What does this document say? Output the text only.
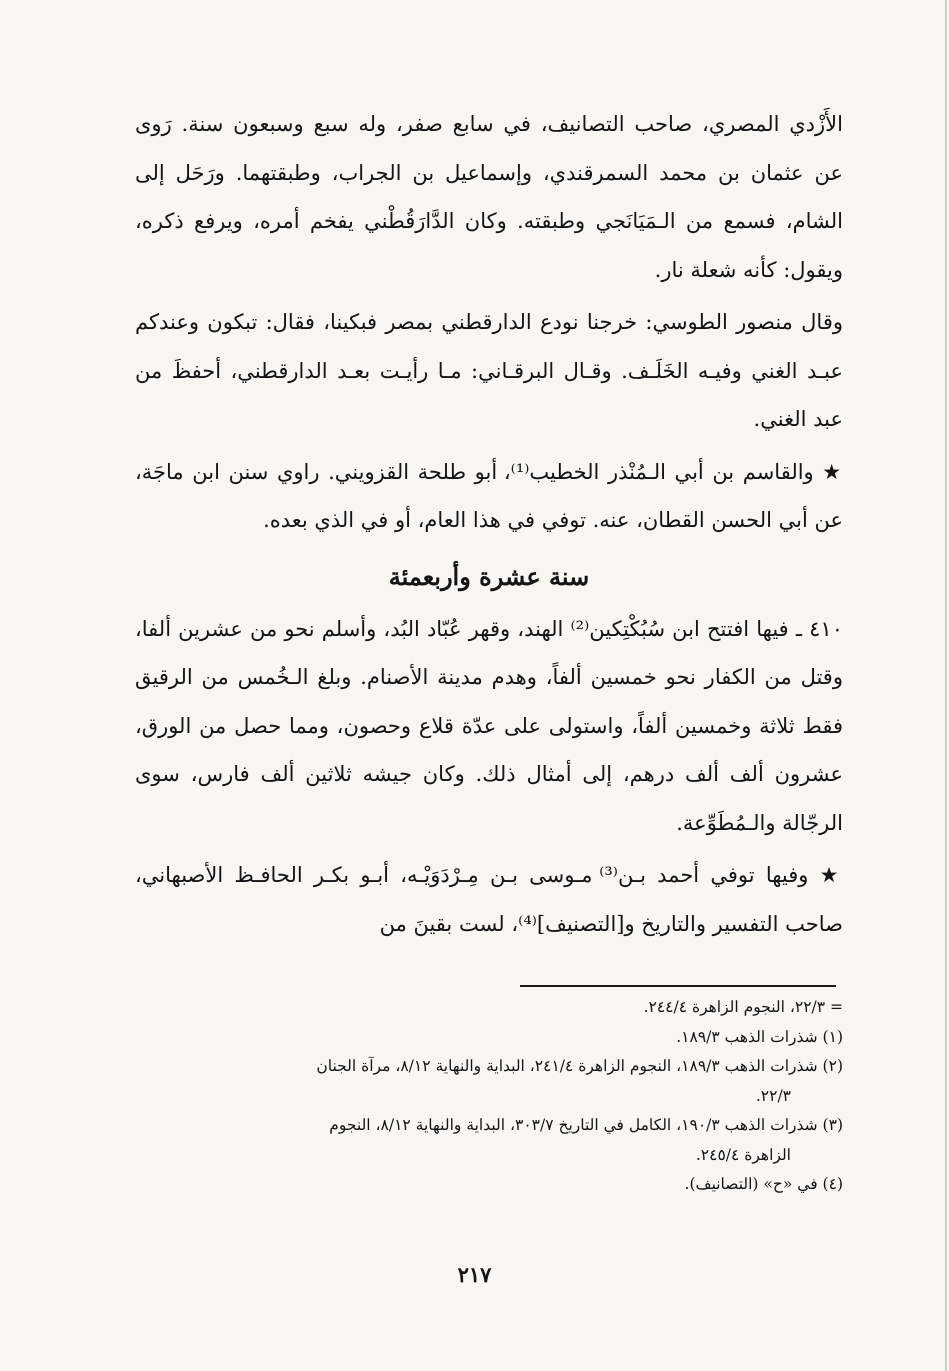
الأَزْدي المصري، صاحب التصانيف، في سابع صفر، وله سبع وسبعون سنة. رَوى عن عثمان بن محمد السمرقندي، وإسماعيل بن الجراب، وطبقتهما. ورَحَل إلى الشام، فسمع من الـمَيَانَجي وطبقته. وكان الدَّارَقُطْني يفخم أمره، ويرفع ذكره، ويقول: كأنه شعلة نار.

وقال منصور الطوسي: خرجنا نودع الدارقطني بمصر فبكينا، فقال: تبكون وعندكم عبـد الغني وفيـه الخَلَـف. وقـال البرقـاني: مـا رأيـت بعـد الدارقطني، أحفظَ من عبد الغني.

★ والقاسم بن أبي الـمُنْذر الخطيب⁽¹⁾، أبو طلحة القزويني. راوي سنن ابن ماجَة، عن أبي الحسن القطان، عنه. توفي في هذا العام، أو في الذي بعده.

سنة عشرة وأربعمئة

٤١٠ ـ فيها افتتح ابن سُبُكْتِكين⁽²⁾ الهند، وقهر عُبّاد البُد، وأسلم نحو من عشرين ألفا، وقتل من الكفار نحو خمسين ألفاً، وهدم مدينة الأصنام. وبلغ الـخُمس من الرقيق فقط ثلاثة وخمسين ألفاً، واستولى على عدّة قلاع وحصون، ومما حصل من الورق، عشرون ألف ألف درهم، إلى أمثال ذلك. وكان جيشه ثلاثين ألف فارس، سوى الرجّالة والـمُطَوِّعة.

★ وفيها توفي أحمد بـن⁽³⁾ مـوسى بـن مِـرْدَوَيْـه، أبـو بكـر الحافـظ الأصبهاني، صاحب التفسير والتاريخ و[التصنيف]⁽⁴⁾، لست بقينَ من

= ٢٢/٣، النجوم الزاهرة ٢٤٤/٤.

(١) شذرات الذهب ١٨٩/٣.

(٢) شذرات الذهب ١٨٩/٣، النجوم الزاهرة ٢٤١/٤، البداية والنهاية ٨/١٢، مرآة الجنان

٢٢/٣.

(٣) شذرات الذهب ١٩٠/٣، الكامل في التاريخ ٣٠٣/٧، البداية والنهاية ٨/١٢، النجوم

الزاهرة ٢٤٥/٤.

(٤) في «ح» (التصانيف).

٢١٧
